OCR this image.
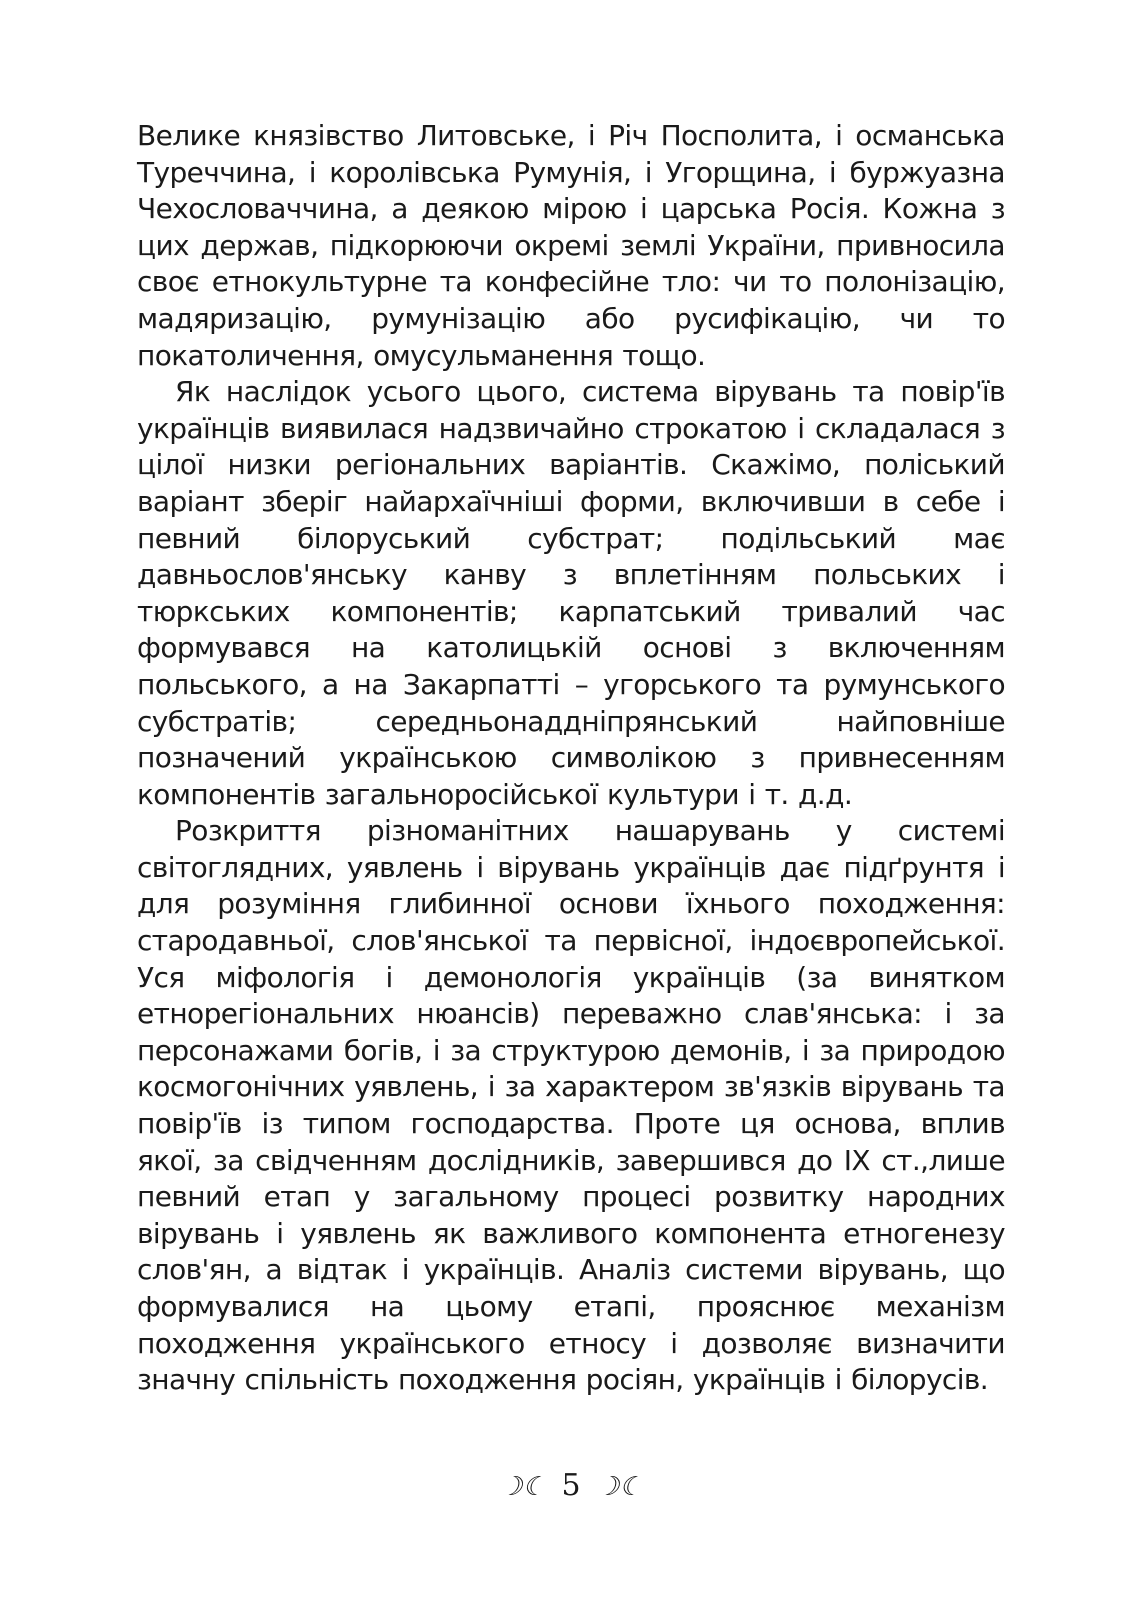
Велике князівство Литовське, і Річ Посполита, і османська Туреччина, і королівська Румунія, і Угорщина, і буржуазна Чехословаччина, а деякою мірою і царська Росія. Кожна з цих держав, підкорюючи окремі землі України, привносила своє етнокультурне та конфесійне тло: чи то полонізацію, мадяризацію, румунізацію або русифікацію, чи то покатоличення, омусульманення тощо.

Як наслідок усього цього, система вірувань та повір'їв українців виявилася надзвичайно строкатою і складалася з цілої низки регіональних варіантів. Скажімо, поліський варіант зберіг найархаїчніші форми, включивши в себе і певний білоруський субстрат; подільський має давньослов'янську канву з вплетінням польських і тюркських компонентів; карпатський тривалий час формувався на католицькій основі з включенням польського, а на Закарпатті – угорського та румунського субстратів; середньонаддніпрянський найповніше позначений українською символікою з привнесенням компонентів загальноросійської культури і т. д.д.

Розкриття різноманітних нашарувань у системі світоглядних, уявлень і вірувань українців дає підґрунтя і для розуміння глибинної основи їхнього походження: стародавньої, слов'янської та первісної, індоєвропейської. Уся міфологія і демонологія українців (за винятком етнорегіональних нюансів) переважно слав'янська: і за персонажами богів, і за структурою демонів, і за природою космогонічних уявлень, і за характером зв'язків вірувань та повір'їв із типом господарства. Проте ця основа, вплив якої, за свідченням дослідників, завершився до IX ст.,лише певний етап у загальному процесі розвитку народних вірувань і уявлень як важливого компонента етногенезу слов'ян, а відтак і українців. Аналіз системи вірувань, що формувалися на цьому етапі, прояснює механізм походження українського етносу і дозволяє визначити значну спільність походження росіян, українців і білорусів.

☽☾ 5 ☽☾
